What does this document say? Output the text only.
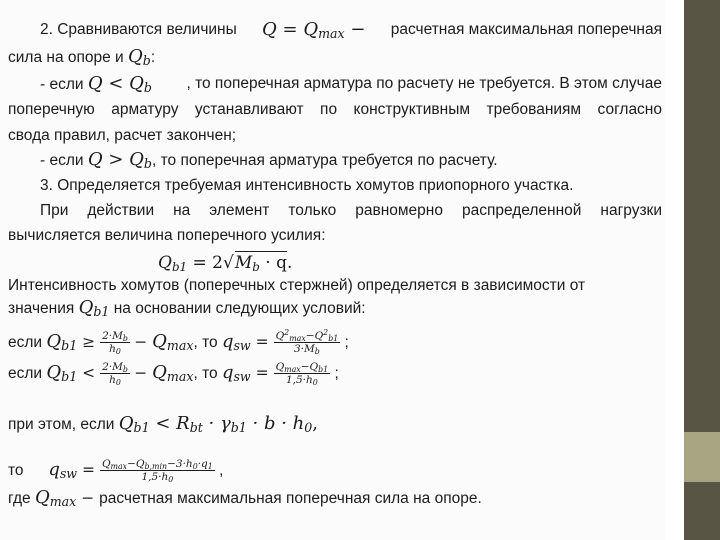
2. Сравниваются величины $Q = Q_{max}$ − расчетная максимальная поперечная
сила на опоре и $Q_b$:
- если $Q < Q_b$ , то поперечная арматура по расчету не требуется. В этом случае
поперечную арматуру устанавливают по конструктивным требованиям согласно
свода правил, расчет закончен;
- если $Q > Q_b$, то поперечная арматура требуется по расчету.
3. Определяется требуемая интенсивность хомутов приопорного участка.
При действии на элемент только равномерно распределенной нагрузки
вычисляется величина поперечного усилия:
$Q_{b1} = 2√M_b \cdot q$.
Интенсивность хомутов (поперечных стержней) определяется в зависимости от
значения $Q_{b1}$ на основании следующих условий:
если $Q_{b1} \ge \frac{2\cdot M_b}{h_0} - Q_{max}$, то $q_{sw} = \frac{Q^2_{max}-Q^2_{b1}}{3\cdot M_b}$ ;
если $Q_{b1} < \frac{2\cdot M_b}{h_0} - Q_{max}$, то $q_{sw} = \frac{Q_{max}-Q_{b1}}{1,5\cdot h_0}$ ;
при этом, если $Q_{b1} < R_{bt} \cdot \gamma_{b1} \cdot b \cdot h_0$,
то $q_{sw} = \frac{Q_{max}-Q_{b,min}-3\cdot h_0\cdot q_1}{1,5\cdot h_0}$ ,
где $Q_{max}$ − расчетная максимальная поперечная сила на опоре.
